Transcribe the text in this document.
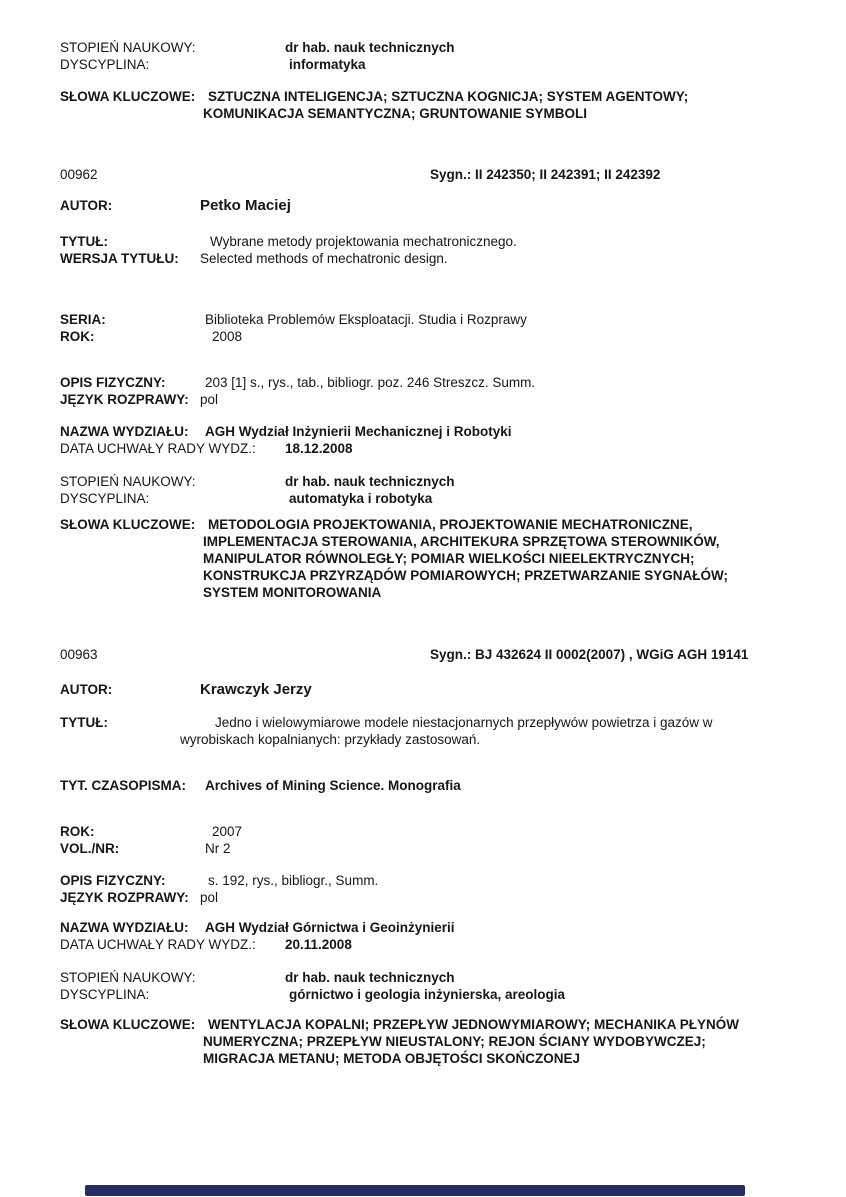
STOPIEŃ NAUKOWY:	dr hab. nauk technicznych
DYSCYPLINA:	informatyka
SŁOWA KLUCZOWE: SZTUCZNA INTELIGENCJA; SZTUCZNA KOGNICJA; SYSTEM AGENTOWY;
KOMUNIKACJA SEMANTYCZNA; GRUNTOWANIE SYMBOLI
00962	Sygn.: II 242350; II 242391; II 242392
AUTOR:	Petko Maciej
TYTUŁ:	Wybrane metody projektowania mechatronicznego.
WERSJA TYTUŁU:	Selected methods of mechatronic design.
SERIA:	Biblioteka Problemów Eksploatacji. Studia i Rozprawy
ROK:	2008
OPIS FIZYCZNY:	203 [1] s., rys., tab., bibliogr. poz. 246 Streszcz. Summ.
JĘZYK ROZPRAWY: pol
NAZWA WYDZIAŁU:	AGH Wydział Inżynierii Mechanicznej i Robotyki
DATA UCHWAŁY RADY WYDZ.:	18.12.2008
STOPIEŃ NAUKOWY:	dr hab. nauk technicznych
DYSCYPLINA:	automatyka i robotyka
SŁOWA KLUCZOWE: METODOLOGIA PROJEKTOWANIA, PROJEKTOWANIE MECHATRONICZNE,
IMPLEMENTACJA STEROWANIA, ARCHITEKURA SPRZĘTOWA STEROWNIKÓW,
MANIPULATOR RÓWNOLEGŁY; POMIAR WIELKOŚCI NIEELEKTRYCZNYCH;
KONSTRUKCJA PRZYRZĄDÓW POMIAROWYCH; PRZETWARZANIE SYGNAŁÓW;
SYSTEM MONITOROWANIA
00963	Sygn.: BJ 432624 II 0002(2007) , WGiG AGH 19141
AUTOR:	Krawczyk Jerzy
TYTUŁ:	Jedno i wielowymiarowe modele niestacjonarnych przepływów powietrza i gazów w
wyrobiskach kopalnianych: przykłady zastosowań.
TYT. CZASOPISMA:	Archives of Mining Science. Monografia
ROK:	2007
VOL./NR:	Nr 2
OPIS FIZYCZNY:	s. 192, rys., bibliogr., Summ.
JĘZYK ROZPRAWY: pol
NAZWA WYDZIAŁU:	AGH Wydział Górnictwa i Geoinżynierii
DATA UCHWAŁY RADY WYDZ.:	20.11.2008
STOPIEŃ NAUKOWY:	dr hab. nauk technicznych
DYSCYPLINA:	górnictwo i geologia inżynierska, areologia
SŁOWA KLUCZOWE: WENTYLACJA KOPALNI; PRZEPŁYW JEDNOWYMIAROWY; MECHANIKA PŁYNÓW
NUMERYCZNA; PRZEPŁYW NIEUSTALONY; REJON ŚCIANY WYDOBYWCZEJ;
MIGRACJA METANU; METODA OBJĘTOŚCI SKOŃCZONEJ
